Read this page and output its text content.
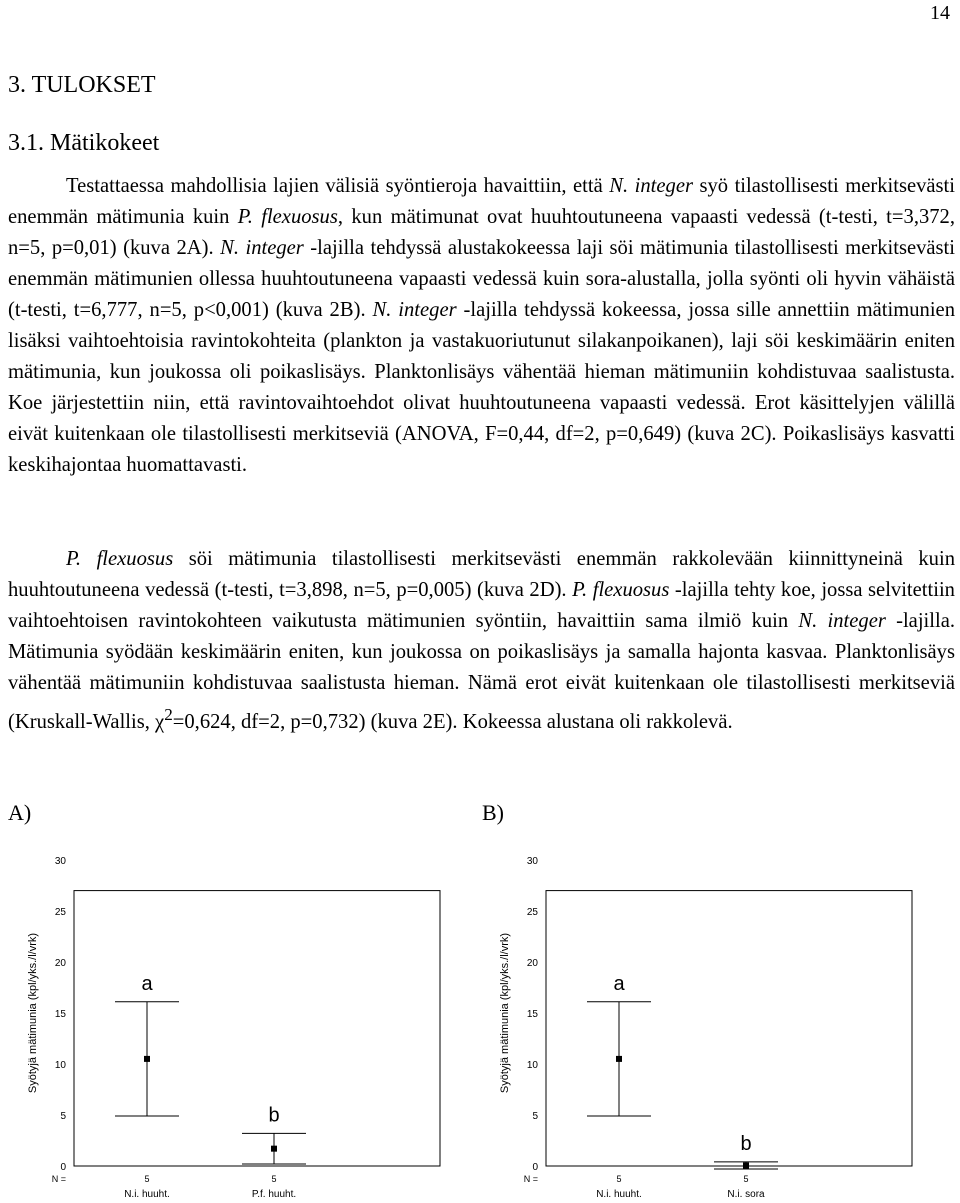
14
3. TULOKSET
3.1. Mätikokeet

Testattaessa mahdollisia lajien välisiä syöntieroja havaittiin, että N. integer syö tilastollisesti merkitsevästi enemmän mätimunia kuin P. flexuosus, kun mätimunat ovat huuhtoutuneena vapaasti vedessä (t-testi, t=3,372, n=5, p=0,01) (kuva 2A). N. integer -lajilla tehdyssä alustakokeessa laji söi mätimunia tilastollisesti merkitsevästi enemmän mätimunien ollessa huuhtoutuneena vapaasti vedessä kuin sora-alustalla, jolla syönti oli hyvin vähäistä (t-testi, t=6,777, n=5, p<0,001) (kuva 2B). N. integer -lajilla tehdyssä kokeessa, jossa sille annettiin mätimunien lisäksi vaihtoehtoisia ravintokohteita (plankton ja vastakuoriutunut silakanpoikanen), laji söi keskimäärin eniten mätimunia, kun joukossa oli poikaslisäys. Planktonlisäys vähentää hieman mätimuniin kohdistuvaa saalistusta. Koe järjestettiin niin, että ravintovaihtoehdot olivat huuhtoutuneena vapaasti vedessä. Erot käsittelyjen välillä eivät kuitenkaan ole tilastollisesti merkitseviä (ANOVA, F=0,44, df=2, p=0,649) (kuva 2C). Poikaslisäys kasvatti keskihajontaa huomattavasti.

P. flexuosus söi mätimunia tilastollisesti merkitsevästi enemmän rakkolevään kiinnittyneinä kuin huuhtoutuneena vedessä (t-testi, t=3,898, n=5, p=0,005) (kuva 2D). P. flexuosus -lajilla tehty koe, jossa selvitettiin vaihtoehtoisen ravintokohteen vaikutusta mätimunien syöntiin, havaittiin sama ilmiö kuin N. integer -lajilla. Mätimunia syödään keskimäärin eniten, kun joukossa on poikaslisäys ja samalla hajonta kasvaa. Planktonlisäys vähentää mätimuniin kohdistuvaa saalistusta hieman. Nämä erot eivät kuitenkaan ole tilastollisesti merkitseviä (Kruskall-Wallis, $\chi^2=0,624$, df=2, p=0,732) (kuva 2E). Kokeessa alustana oli rakkolevä.

A)	B)
Syötyjä mätimunia (kpl/yks./l/vrk)
0
5
10
15
20
25
30
N =
a
5
N.i. huuht.
b
5
P.f. huuht.
Syötyjä mätimunia (kpl/yks./l/vrk)
0
5
10
15
20
25
30
N =
a
5
N.i. huuht.
b
5
N.i. sora
